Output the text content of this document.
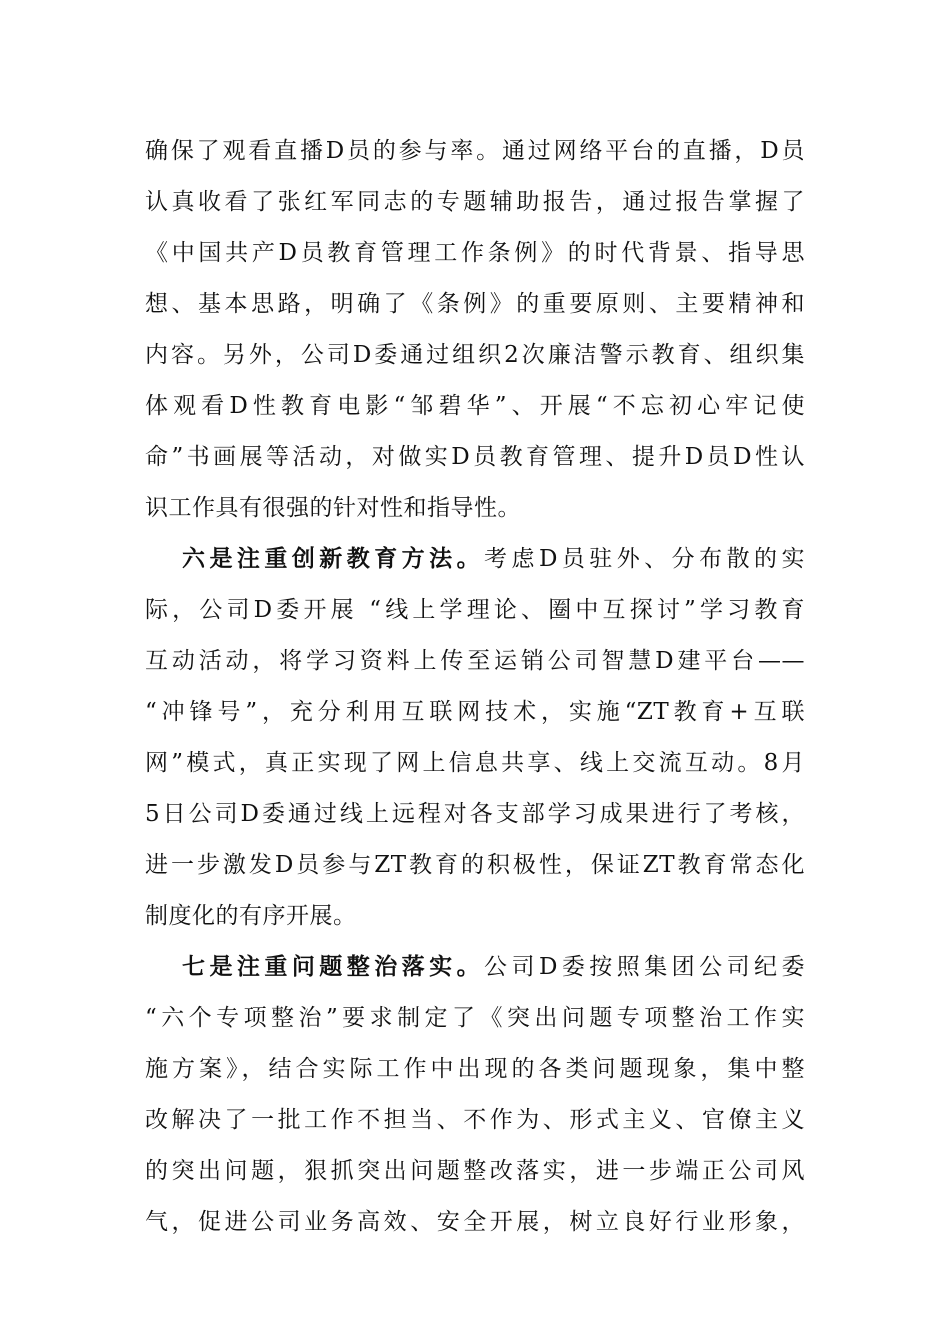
确保了观看直播D员的参与率。通过网络平台的直播，D员
认真收看了张红军同志的专题辅助报告，通过报告掌握了
《中国共产D员教育管理工作条例》的时代背景、指导思
想、基本思路，明确了《条例》的重要原则、主要精神和
内容。另外，公司D委通过组织2次廉洁警示教育、组织集
体观看D性教育电影“邹碧华”、开展“不忘初心牢记使
命”书画展等活动，对做实D员教育管理、提升D员D性认
识工作具有很强的针对性和指导性。
六是注重创新教育方法。考虑D员驻外、分布散的实
际，公司D委开展 “线上学理论、圈中互探讨”学习教育
互动活动，将学习资料上传至运销公司智慧D建平台——
“冲锋号”，充分利用互联网技术，实施“ZT教育+互联
网”模式，真正实现了网上信息共享、线上交流互动。8月
5日公司D委通过线上远程对各支部学习成果进行了考核，
进一步激发D员参与ZT教育的积极性，保证ZT教育常态化
制度化的有序开展。
七是注重问题整治落实。公司D委按照集团公司纪委
“六个专项整治”要求制定了《突出问题专项整治工作实
施方案》，结合实际工作中出现的各类问题现象，集中整
改解决了一批工作不担当、不作为、形式主义、官僚主义
的突出问题，狠抓突出问题整改落实，进一步端正公司风
气，促进公司业务高效、安全开展，树立良好行业形象，
